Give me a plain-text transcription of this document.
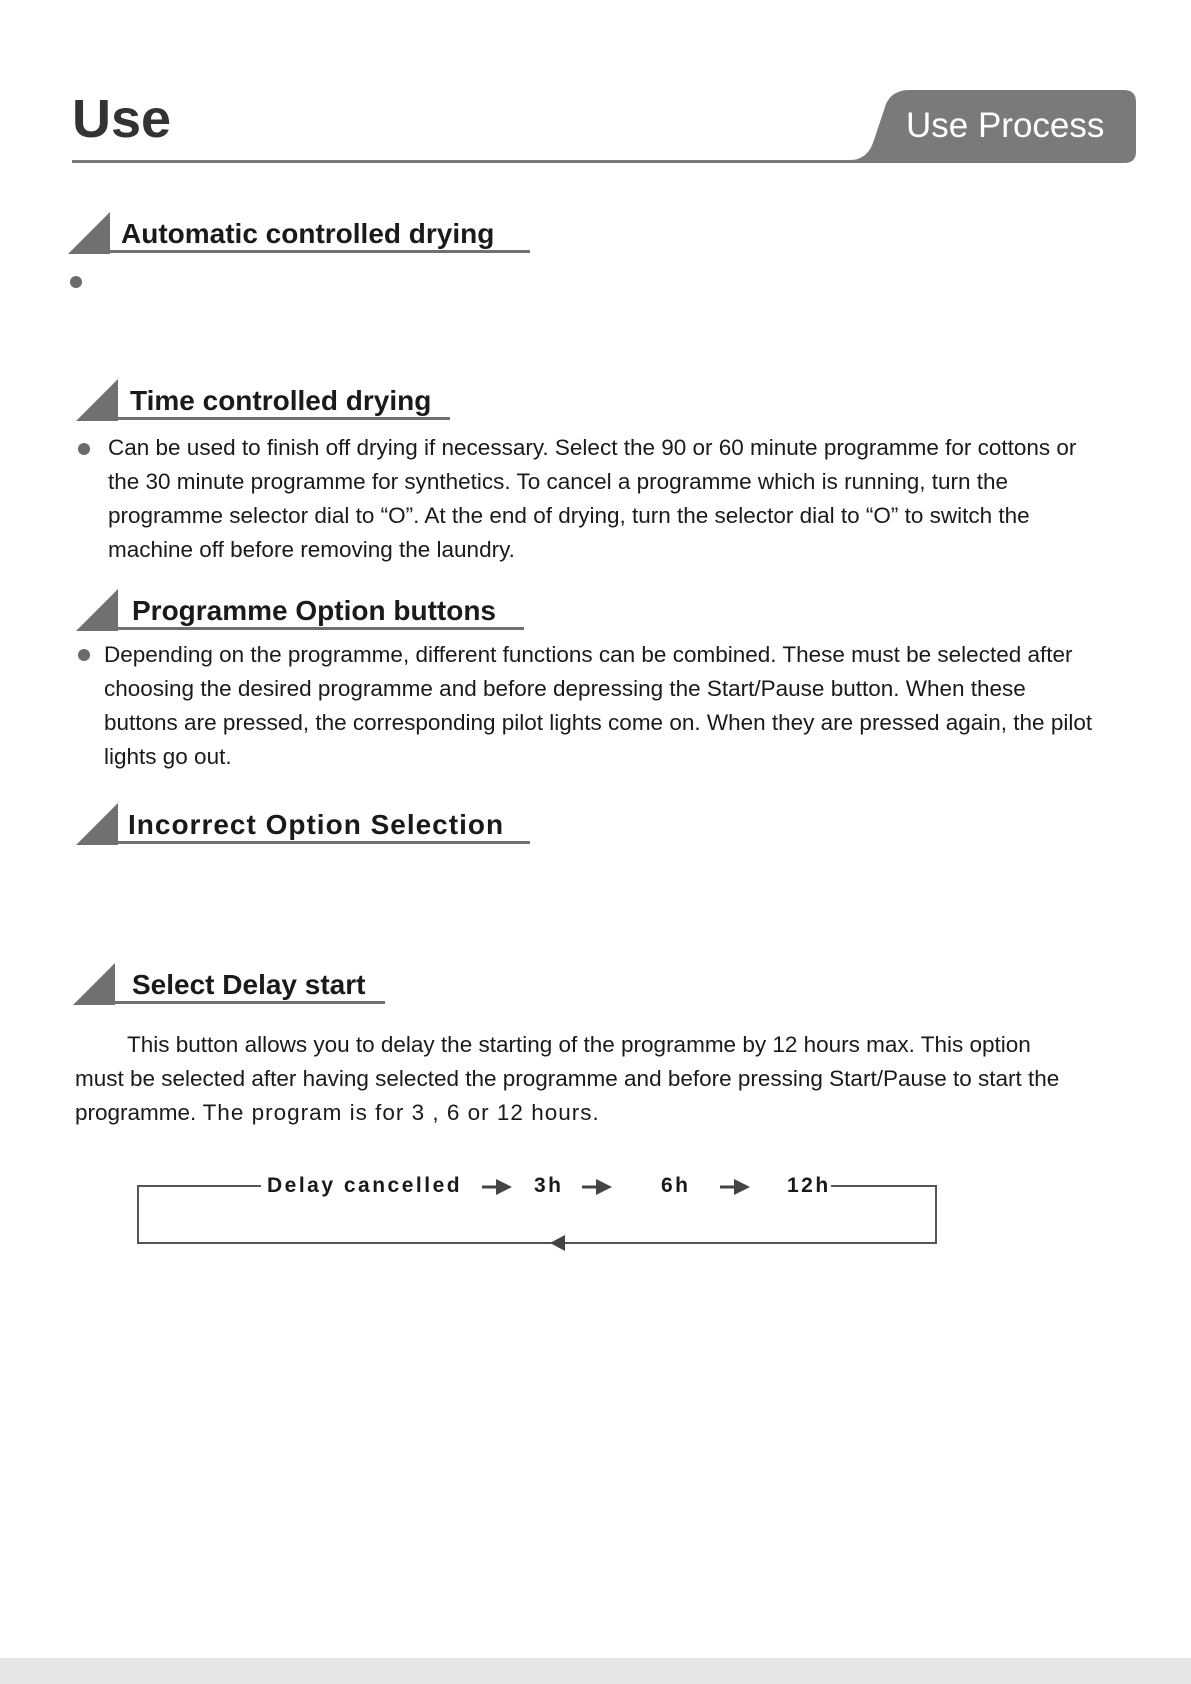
Use	Use Process
Automatic controlled drying
Time controlled drying
Can be used to finish off drying if necessary. Select the 90 or 60 minute programme for cottons or the 30 minute programme for synthetics. To cancel a programme which is running, turn the programme selector dial to “O”. At the end of drying, turn the selector dial to “O” to switch the machine off before removing the laundry.
Programme Option buttons
Depending on the programme, different functions can be combined. These must be selected after choosing the desired programme and before depressing the Start/Pause button. When these buttons are pressed, the corresponding pilot lights come on. When they are pressed again, the pilot lights go out.
Incorrect Option Selection
Select Delay start
This button allows you to delay the starting of the programme by 12 hours max. This option must be selected after having selected the programme and before pressing Start/Pause to start the programme. The program is for 3 , 6 or 12 hours.
Delay cancelled	3h	6h	12h
